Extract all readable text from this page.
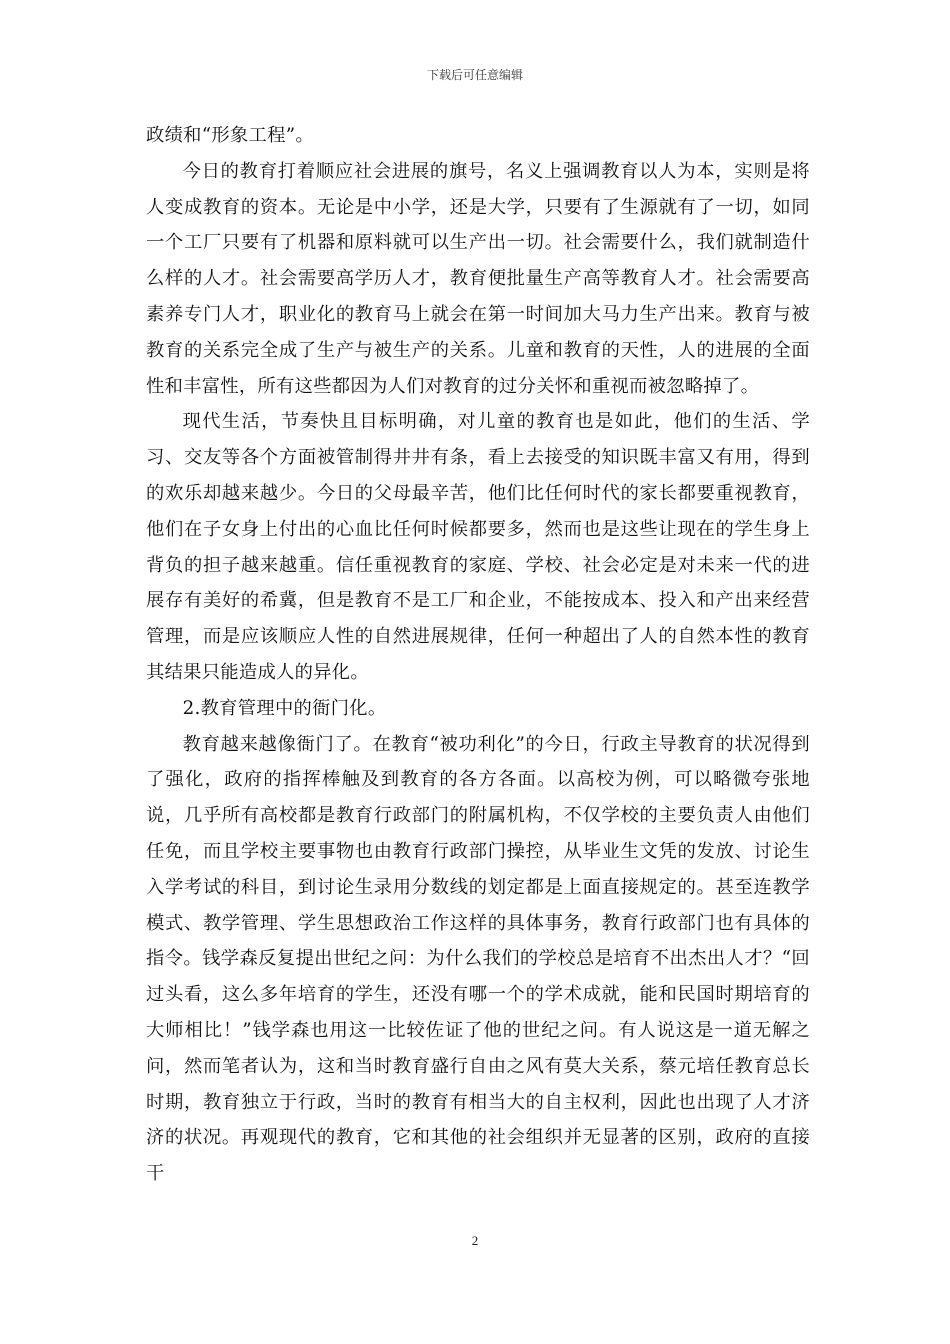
下载后可任意编辑

政绩和“形象工程”。

今日的教育打着顺应社会进展的旗号，名义上强调教育以人为本，实则是将人变成教育的资本。无论是中小学，还是大学，只要有了生源就有了一切，如同一个工厂只要有了机器和原料就可以生产出一切。社会需要什么，我们就制造什么样的人才。社会需要高学历人才，教育便批量生产高等教育人才。社会需要高素养专门人才，职业化的教育马上就会在第一时间加大马力生产出来。教育与被教育的关系完全成了生产与被生产的关系。儿童和教育的天性，人的进展的全面性和丰富性，所有这些都因为人们对教育的过分关怀和重视而被忽略掉了。

现代生活，节奏快且目标明确，对儿童的教育也是如此，他们的生活、学习、交友等各个方面被管制得井井有条，看上去接受的知识既丰富又有用，得到的欢乐却越来越少。今日的父母最辛苦，他们比任何时代的家长都要重视教育，他们在子女身上付出的心血比任何时候都要多，然而也是这些让现在的学生身上背负的担子越来越重。信任重视教育的家庭、学校、社会必定是对未来一代的进展存有美好的希冀，但是教育不是工厂和企业，不能按成本、投入和产出来经营管理，而是应该顺应人性的自然进展规律，任何一种超出了人的自然本性的教育其结果只能造成人的异化。

2.教育管理中的衙门化。

教育越来越像衙门了。在教育“被功利化”的今日，行政主导教育的状况得到了强化，政府的指挥棒触及到教育的各方各面。以高校为例，可以略微夸张地说，几乎所有高校都是教育行政部门的附属机构，不仅学校的主要负责人由他们任免，而且学校主要事物也由教育行政部门操控，从毕业生文凭的发放、讨论生入学考试的科目，到讨论生录用分数线的划定都是上面直接规定的。甚至连教学模式、教学管理、学生思想政治工作这样的具体事务，教育行政部门也有具体的指令。钱学森反复提出世纪之问：为什么我们的学校总是培育不出杰出人才？“回过头看，这么多年培育的学生，还没有哪一个的学术成就，能和民国时期培育的大师相比！”钱学森也用这一比较佐证了他的世纪之问。有人说这是一道无解之问，然而笔者认为，这和当时教育盛行自由之风有莫大关系，蔡元培任教育总长时期，教育独立于行政，当时的教育有相当大的自主权利，因此也出现了人才济济的状况。再观现代的教育，它和其他的社会组织并无显著的区别，政府的直接干

2
